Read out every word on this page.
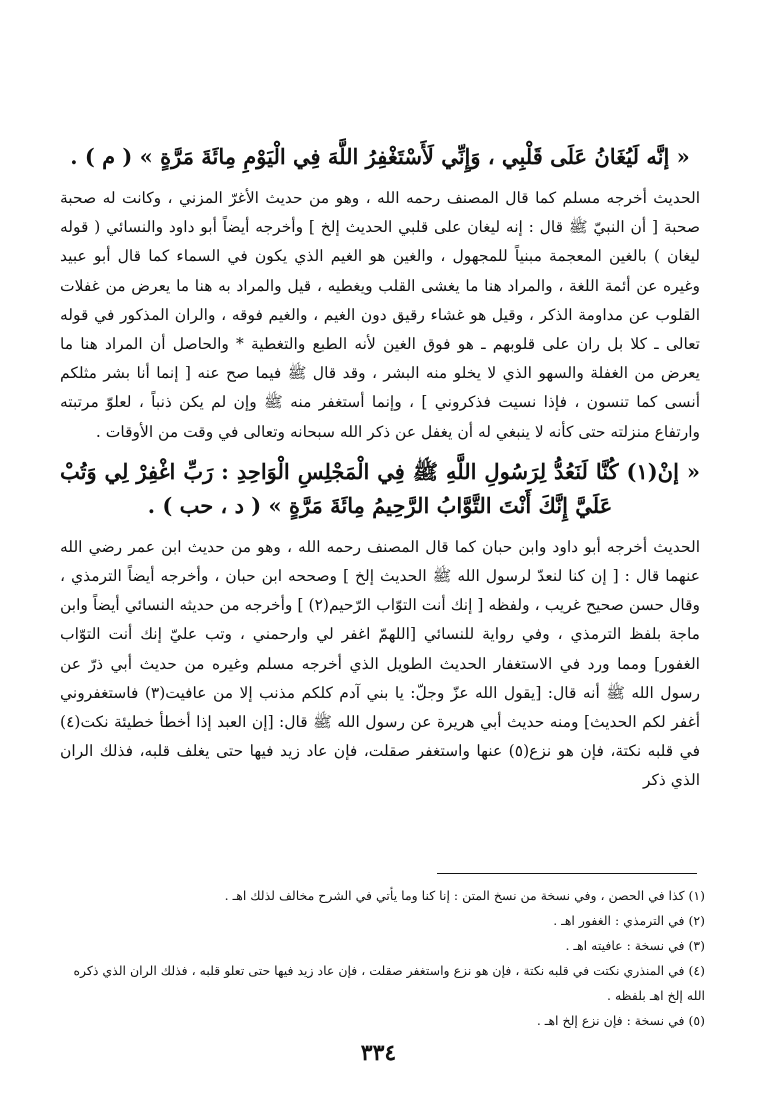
« إنَّه لَيُغَانُ عَلَى قَلْبِي ، وَإِنِّي لَأَسْتَغْفِرُ اللَّهَ فِي الْيَوْمِ مِائَةَ مَرَّةٍ » ( م ) .

الحديث أخرجه مسلم كما قال المصنف رحمه الله ، وهو من حديث الأغرّ المزني ، وكانت له صحبة صحبة [ أن النبيّ ﷺ قال : إنه ليغان على قلبي الحديث إلخ ] وأخرجه أيضاً أبو داود والنسائي ( قوله ليغان ) بالغين المعجمة مبنياً للمجهول ، والغين هو الغيم الذي يكون في السماء كما قال أبو عبيد وغيره عن أئمة اللغة ، والمراد هنا ما يغشى القلب ويغطيه ، قيل والمراد به هنا ما يعرض من غفلات القلوب عن مداومة الذكر ، وقيل هو غشاء رقيق دون الغيم ، والغيم فوقه ، والران المذكور في قوله تعالى ـ كلا بل ران على قلوبهم ـ هو فوق الغين لأنه الطبع والتغطية * والحاصل أن المراد هنا ما يعرض من الغفلة والسهو الذي لا يخلو منه البشر ، وقد قال ﷺ فيما صح عنه [ إنما أنا بشر مثلكم أنسى كما تنسون ، فإذا نسيت فذكروني ] ، وإنما أستغفر منه ﷺ وإن لم يكن ذنباً ، لعلوّ مرتبته وارتفاع منزلته حتى كأنه لا ينبغي له أن يغفل عن ذكر الله سبحانه وتعالى في وقت من الأوقات .

« إنْ(١) كُنَّا لَنَعُدُّ لِرَسُولِ اللَّهِ ﷺ فِي الْمَجْلِسِ الْوَاحِدِ : رَبِّ اغْفِرْ لِي وَتُبْ عَلَيَّ إِنَّكَ أَنْتَ التَّوَّابُ الرَّحِيمُ مِائَةَ مَرَّةٍ » ( د ، حب ) .

الحديث أخرجه أبو داود وابن حبان كما قال المصنف رحمه الله ، وهو من حديث ابن عمر رضي الله عنهما قال : [ إن كنا لنعدّ لرسول الله ﷺ الحديث إلخ ] وصححه ابن حبان ، وأخرجه أيضاً الترمذي ، وقال حسن صحيح غريب ، ولفظه [ إنك أنت التوّاب الرّحيم(٢) ] وأخرجه من حديثه النسائي أيضاً وابن ماجة بلفظ الترمذي ، وفي رواية للنسائي [اللهمّ اغفر لي وارحمني ، وتب عليّ إنك أنت التوّاب الغفور] ومما ورد في الاستغفار الحديث الطويل الذي أخرجه مسلم وغيره من حديث أبي ذرّ عن رسول الله ﷺ أنه قال: [يقول الله عزّ وجلّ: يا بني آدم كلكم مذنب إلا من عافيت(٣) فاستغفروني أغفر لكم الحديث] ومنه حديث أبي هريرة عن رسول الله ﷺ قال: [إن العبد إذا أخطأ خطيئة نكت(٤) في قلبه نكتة، فإن هو نزع(٥) عنها واستغفر صقلت، فإن عاد زيد فيها حتى يغلف قلبه، فذلك الران الذي ذكر

(١) كذا في الحصن ، وفي نسخة من نسخ المتن : إنا كنا وما يأتي في الشرح مخالف لذلك اهـ .

(٢) في الترمذي : الغفور اهـ .

(٣) في نسخة : عافيته اهـ .

(٤) في المنذري نكتت في قلبه نكتة ، فإن هو نزع واستغفر صقلت ، فإن عاد زيد فيها حتى تعلو قلبه ، فذلك الران الذي ذكره الله إلخ اهـ بلفظه .

(٥) في نسخة : فإن نزع إلخ اهـ .

٣٣٤
